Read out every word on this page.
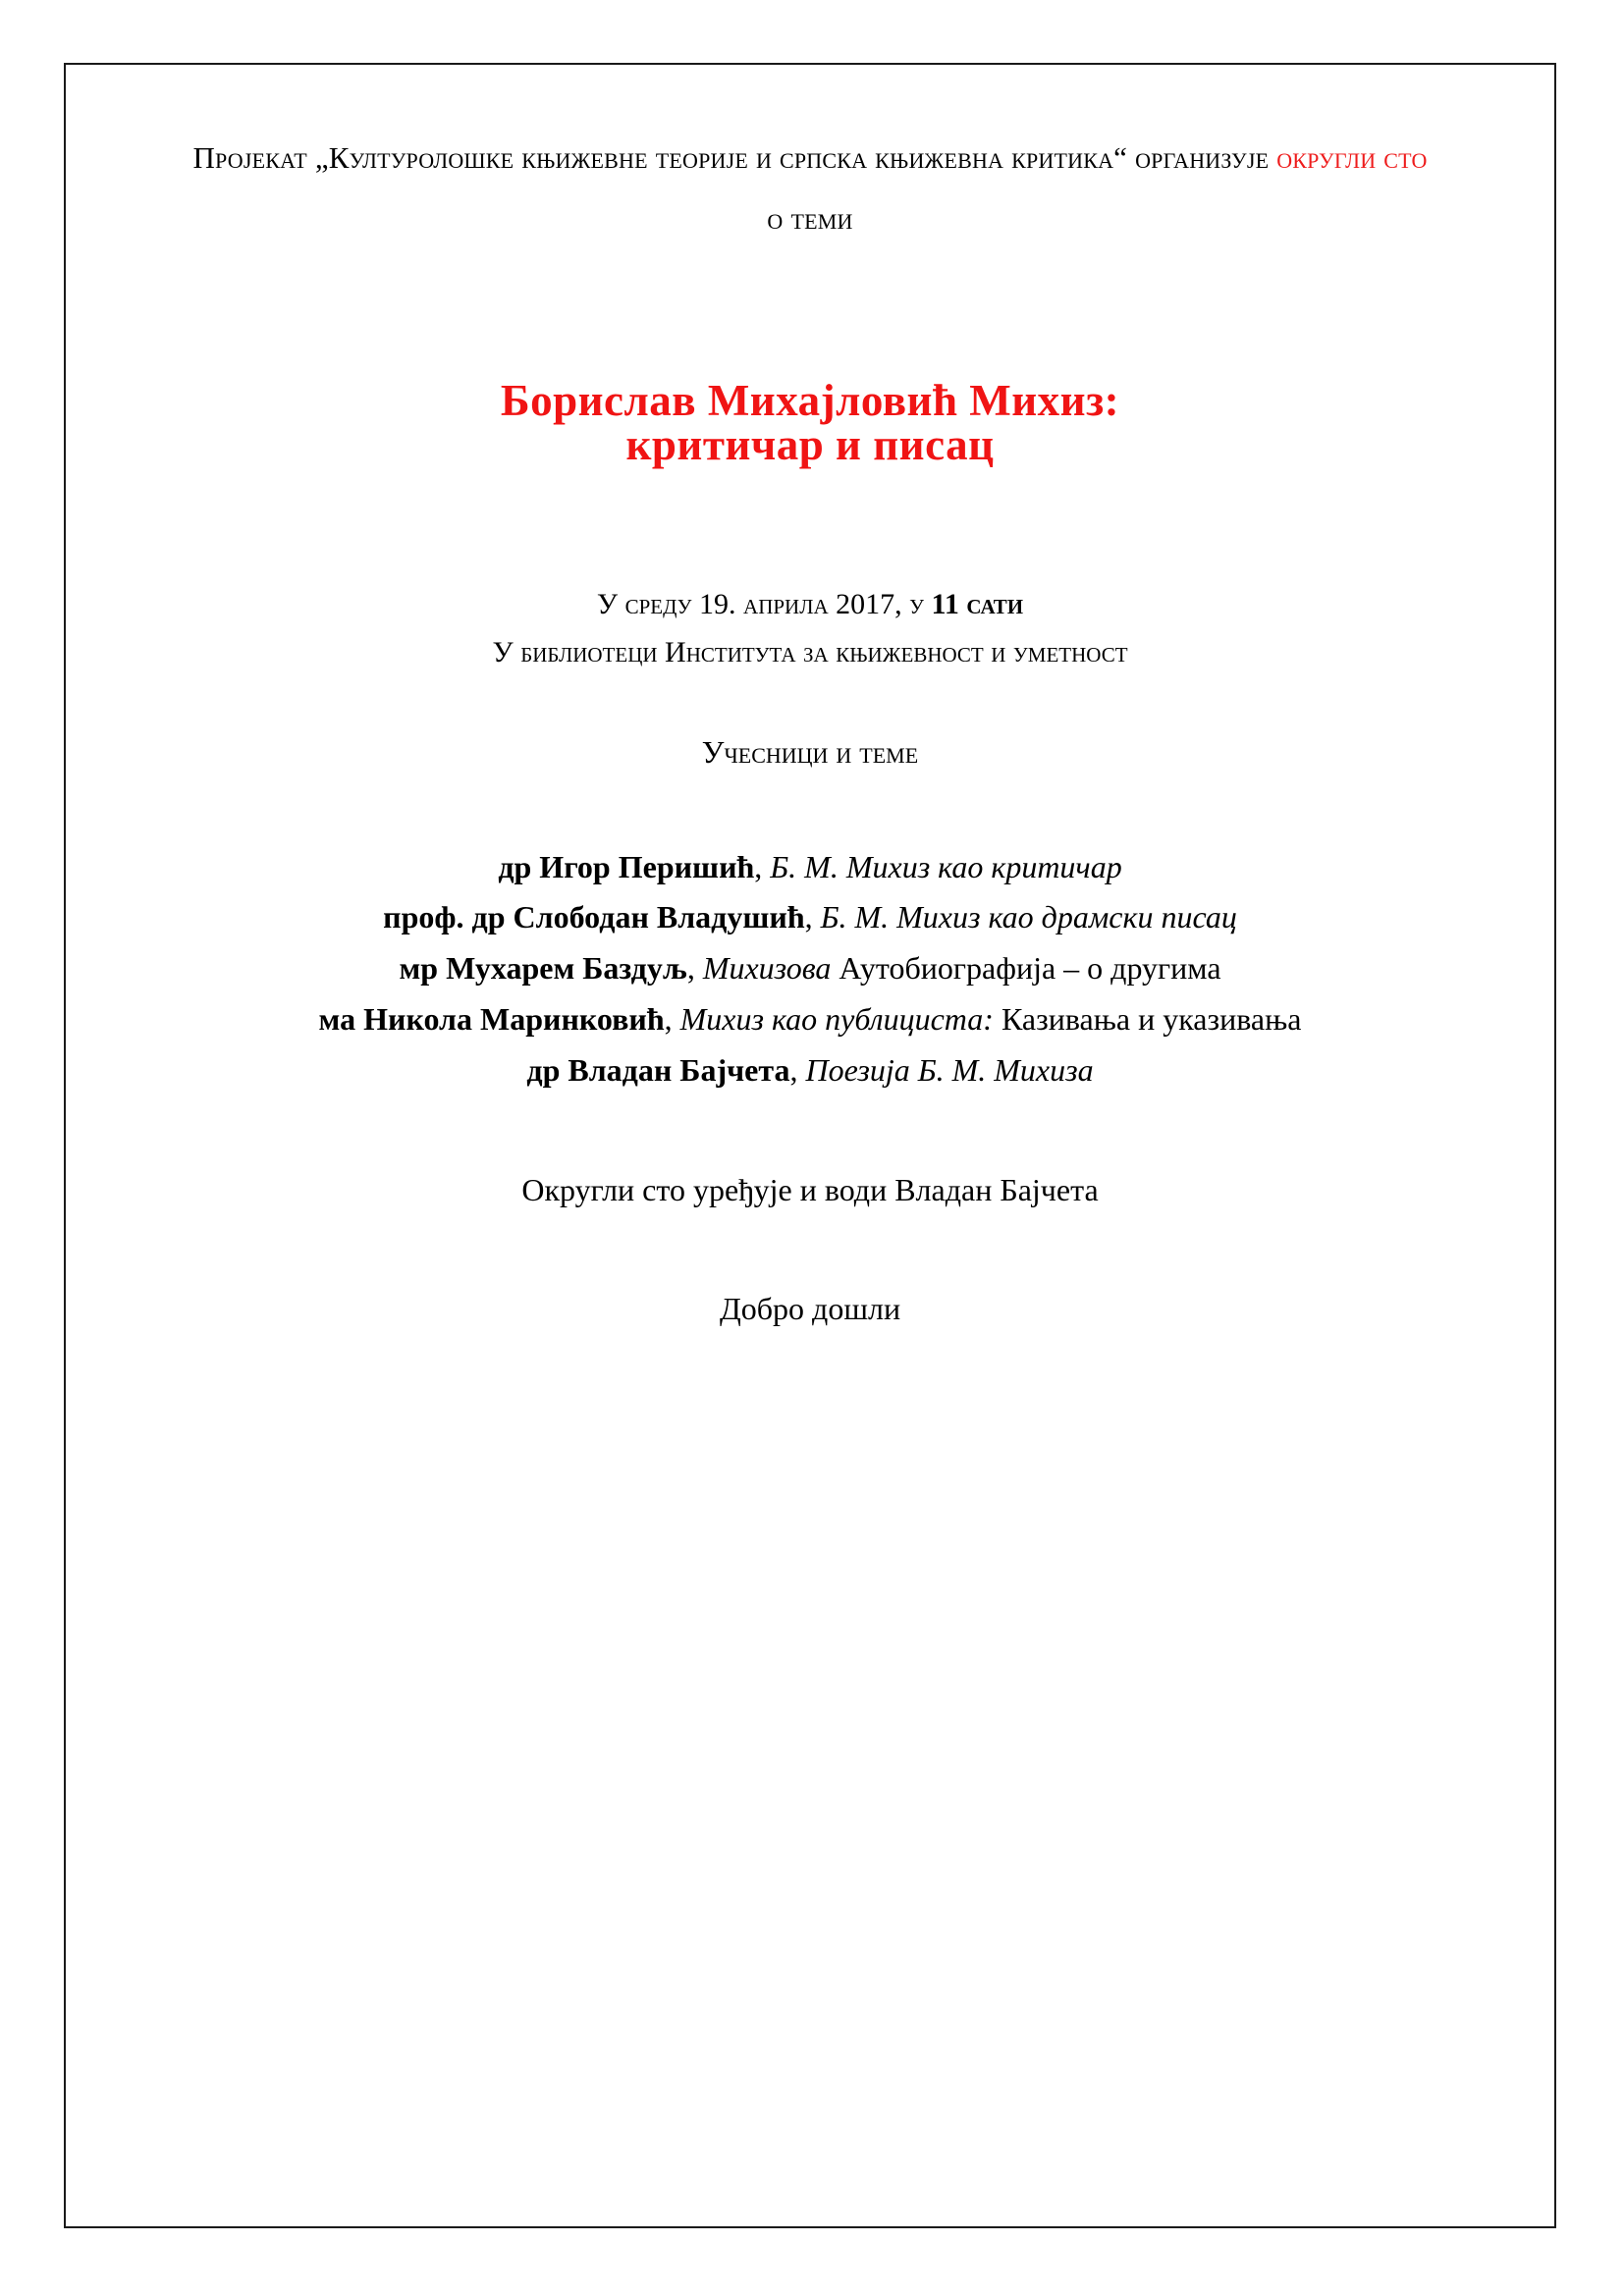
Пројекат „Културолошке књижевне теорије и српска књижевна критика“ организује округли сто о теми

Борислав Михајловић Михиз:
критичар и писац

У среду 19. априла 2017, у 11 сати
У библиотеци Института за књижевност и уметност

Учесници и теме

др Игор Перишић, Б. М. Михиз као критичар
проф. др Слободан Владушић, Б. М. Михиз као драмски писац
мр Мухарем Баздуљ, Михизова Аутобиографија – о другима
ма Никола Маринковић, Михиз као публициста: Казивања и указивања
др Владан Бајчета, Поезија Б. М. Михиза

Округли сто уређује и води Владан Бајчета

Добро дошли
